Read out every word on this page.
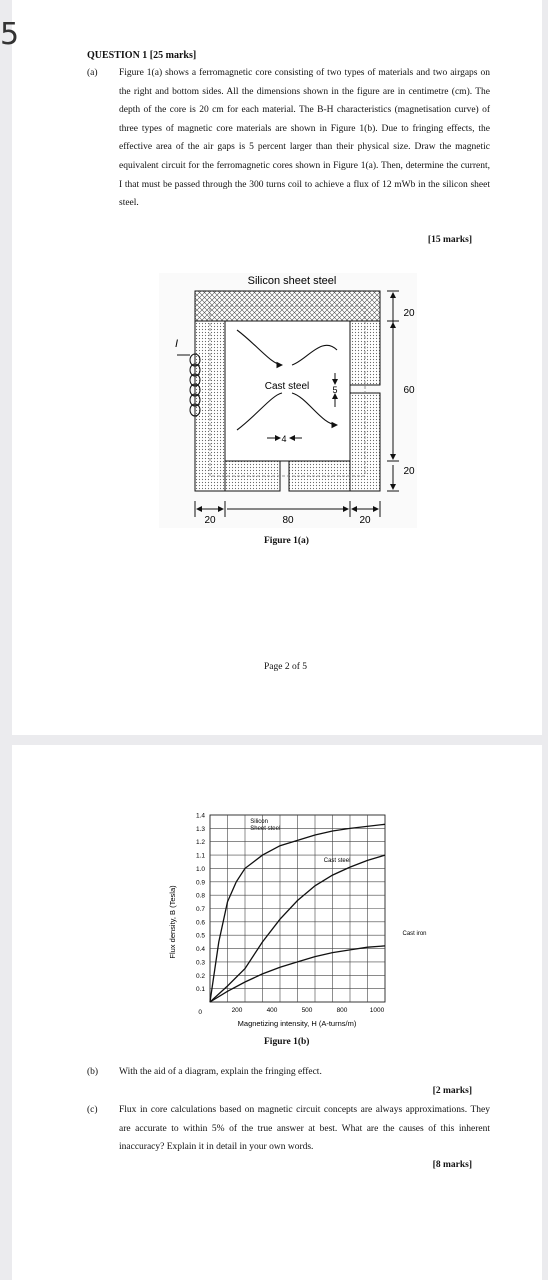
QUESTION 1 [25 marks]
(a) Figure 1(a) shows a ferromagnetic core consisting of two types of materials and two airgaps on the right and bottom sides. All the dimensions shown in the figure are in centimetre (cm). The depth of the core is 20 cm for each material. The B-H characteristics (magnetisation curve) of three types of magnetic core materials are shown in Figure 1(b). Due to fringing effects, the effective area of the air gaps is 5 percent larger than their physical size. Draw the magnetic equivalent circuit for the ferromagnetic cores shown in Figure 1(a). Then, determine the current, I that must be passed through the 300 turns coil to achieve a flux of 12 mWb in the silicon sheet steel.
[15 marks]
Silicon sheet steel
I
Cast steel
4
5
20
60
20
20	80	20
Figure 1(a)
Page 2 of 5
5
0.1
0.2
0.3
0.4
0.5
0.6
0.7
0.8
0.9
1.0
1.1
1.2
1.3
1.4
0	200	400	500	800	1000
Silicon
Sheet steel
Cast steel
Cast iron
Flux density, B (Tesla)
Magnetizing intensity, H (A-turns/m)
Figure 1(b)
(b) With the aid of a diagram, explain the fringing effect.
[2 marks]
(c) Flux in core calculations based on magnetic circuit concepts are always approximations. They are accurate to within 5% of the true answer at best. What are the causes of this inherent inaccuracy? Explain it in detail in your own words.
[8 marks]
